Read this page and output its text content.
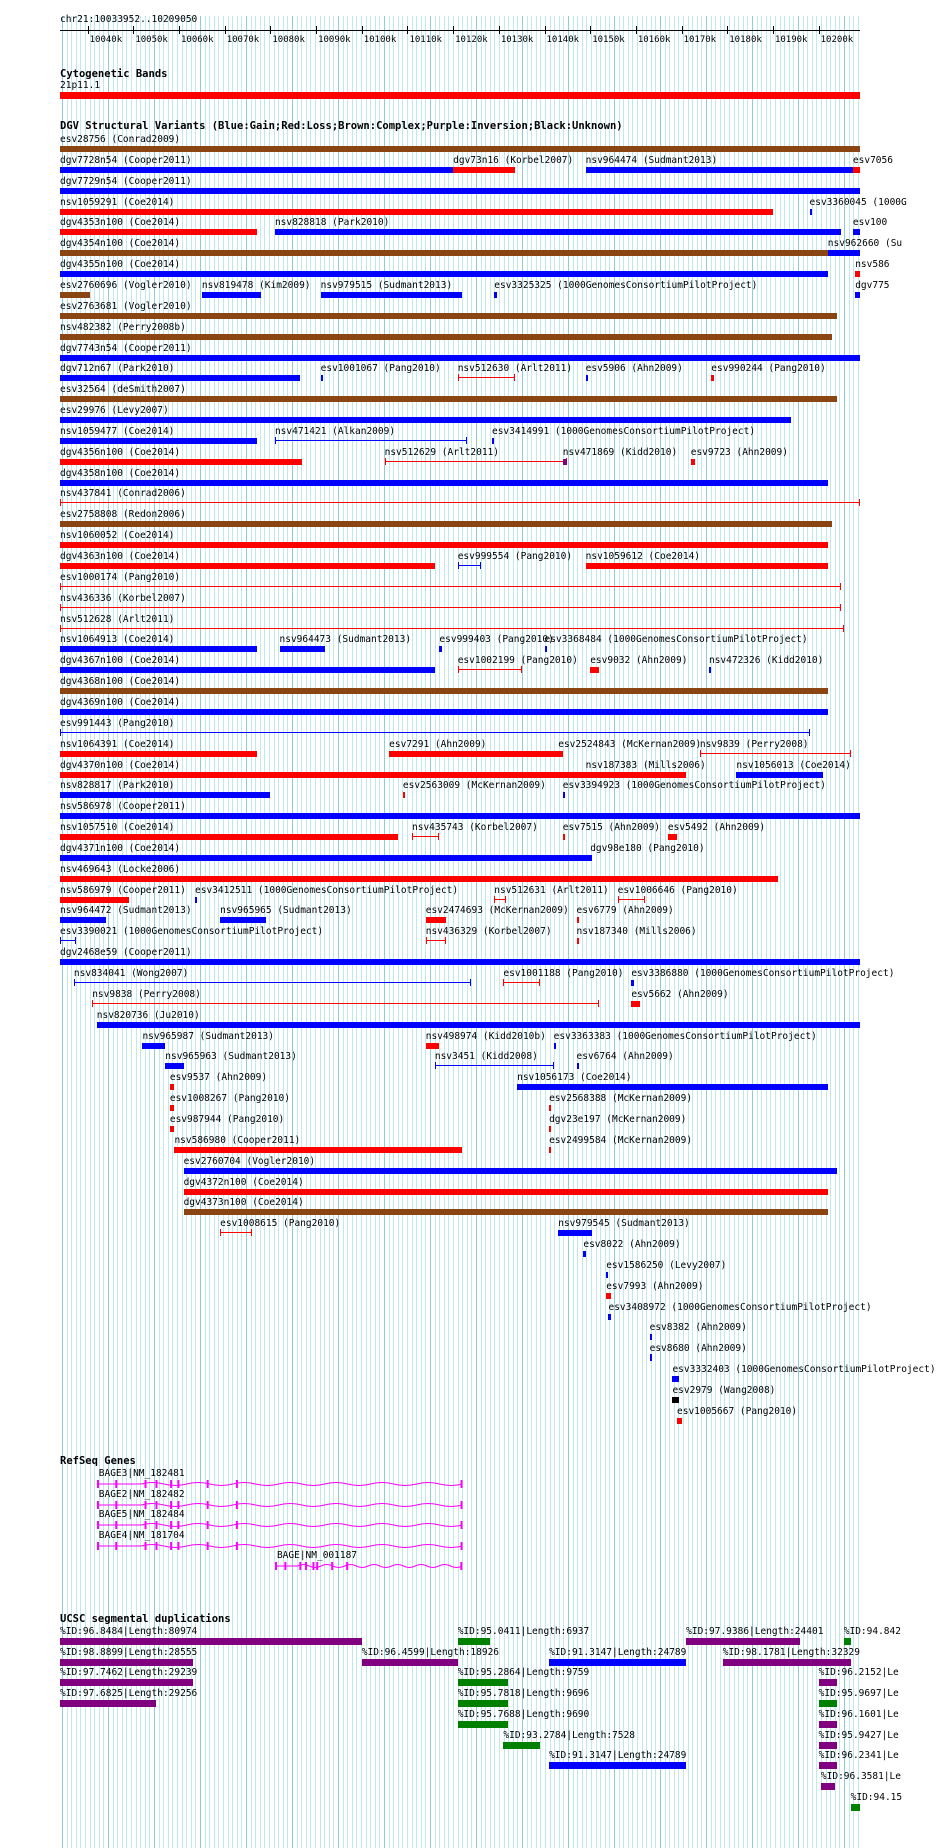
chr21:10033952..10209050
10040k 10050k 10060k 10070k 10080k 10090k 10100k 10110k 10120k 10130k 10140k 10150k 10160k 10170k 10180k 10190k 10200k
Cytogenetic Bands
21p11.1
DGV Structural Variants (Blue:Gain;Red:Loss;Brown:Complex;Purple:Inversion;Black:Unknown)
esv28756 (Conrad2009)
dgv7728n54 (Cooper2011)	dgv73n16 (Korbel2007) nsv964474 (Sudmant2013)	esv7056
dgv7729n54 (Cooper2011)
nsv1059291 (Coe2014)	esv3360045 (1000G
dgv4353n100 (Coe2014)	nsv828818 (Park2010)	esv100
dgv4354n100 (Coe2014)	nsv962660 (Su
dgv4355n100 (Coe2014)	nsv586
esv2760696 (Vogler2010) nsv819478 (Kim2009) nsv979515 (Sudmant2013)	esv3325325 (1000GenomesConsortiumPilotProject)	dgv775
esv2763681 (Vogler2010)
nsv482382 (Perry2008b)
dgv7743n54 (Cooper2011)
dgv712n67 (Park2010)	esv1001067 (Pang2010) nsv512630 (Arlt2011) esv5906 (Ahn2009)	esv990244 (Pang2010)
esv32564 (deSmith2007)
esv29976 (Levy2007)
nsv1059477 (Coe2014)	nsv471421 (Alkan2009)	esv3414991 (1000GenomesConsortiumPilotProject)
dgv4356n100 (Coe2014)	nsv512629 (Arlt2011)	nsv471869 (Kidd2010) esv9723 (Ahn2009)
dgv4358n100 (Coe2014)
nsv437841 (Conrad2006)
esv2758808 (Redon2006)
nsv1060052 (Coe2014)
dgv4363n100 (Coe2014)	esv999554 (Pang2010) nsv1059612 (Coe2014)
esv1000174 (Pang2010)
nsv436336 (Korbel2007)
nsv512628 (Arlt2011)
nsv1064913 (Coe2014)	nsv964473 (Sudmant2013)	esv999403 (Pang2010)
esv3368484 (1000GenomesConsortiumPilotProject)
dgv4367n100 (Coe2014)	esv1002199 (Pang2010) esv9032 (Ahn2009) nsv472326 (Kidd2010)
dgv4368n100 (Coe2014)
dgv4369n100 (Coe2014)
esv991443 (Pang2010)
nsv1064391 (Coe2014)	esv7291 (Ahn2009)	esv2524843 (McKernan2009)
nsv9839 (Perry2008)
dgv4370n100 (Coe2014)	nsv187383 (Mills2006)	nsv1056013 (Coe2014)
nsv828817 (Park2010)	esv2563009 (McKernan2009) esv3394923 (1000GenomesConsortiumPilotProject)
nsv586978 (Cooper2011)
nsv1057510 (Coe2014)	nsv435743 (Korbel2007)	esv7515 (Ahn2009) esv5492 (Ahn2009)
dgv4371n100 (Coe2014)	dgv98e180 (Pang2010)
nsv469643 (Locke2006)
nsv586979 (Cooper2011) esv3412511 (1000GenomesConsortiumPilotProject)	nsv512631 (Arlt2011) esv1006646 (Pang2010)
nsv964472 (Sudmant2013)	nsv965965 (Sudmant2013)	esv2474693 (McKernan2009) esv6779 (Ahn2009)
esv3390021 (1000GenomesConsortiumPilotProject)	nsv436329 (Korbel2007)	nsv187340 (Mills2006)
dgv2468e59 (Cooper2011)
nsv834041 (Wong2007)	esv1001188 (Pang2010) esv3386880 (1000GenomesConsortiumPilotProject)
nsv9838 (Perry2008)	esv5662 (Ahn2009)
nsv820736 (Ju2010)
nsv965987 (Sudmant2013)	nsv498974 (Kidd2010b) esv3363383 (1000GenomesConsortiumPilotProject)
nsv965963 (Sudmant2013)	nsv3451 (Kidd2008)	esv6764 (Ahn2009)
esv9537 (Ahn2009)	nsv1056173 (Coe2014)
esv1008267 (Pang2010)	esv2568388 (McKernan2009)
esv987944 (Pang2010)	dgv23e197 (McKernan2009)
nsv586980 (Cooper2011)	esv2499584 (McKernan2009)
esv2760704 (Vogler2010)
dgv4372n100 (Coe2014)
dgv4373n100 (Coe2014)
esv1008615 (Pang2010)	nsv979545 (Sudmant2013)
esv8022 (Ahn2009)
esv1586250 (Levy2007)
esv7993 (Ahn2009)
esv3408972 (1000GenomesConsortiumPilotProject)
esv8382 (Ahn2009)
esv8680 (Ahn2009)
esv3332403 (1000GenomesConsortiumPilotProject)
esv2979 (Wang2008)
esv1005667 (Pang2010)
RefSeq Genes
BAGE3|NM_182481
BAGE2|NM_182482
BAGE5|NM_182484
BAGE4|NM_181704
BAGE|NM_001187
UCSC segmental duplications
%ID:96.8484|Length:80974	%ID:95.0411|Length:6937	%ID:97.9386|Length:24401 %ID:94.842
%ID:98.8899|Length:28555	%ID:96.4599|Length:18926	%ID:91.3147|Length:24789	%ID:98.1781|Length:32329
%ID:97.7462|Length:29239	%ID:95.2864|Length:9759	%ID:96.2152|Le
%ID:97.6825|Length:29256	%ID:95.7818|Length:9696	%ID:95.9697|Le
%ID:95.7688|Length:9690	%ID:96.1601|Le
%ID:93.2784|Length:7528	%ID:95.9427|Le
%ID:91.3147|Length:24789	%ID:96.2341|Le
%ID:96.3581|Le
%ID:94.15
